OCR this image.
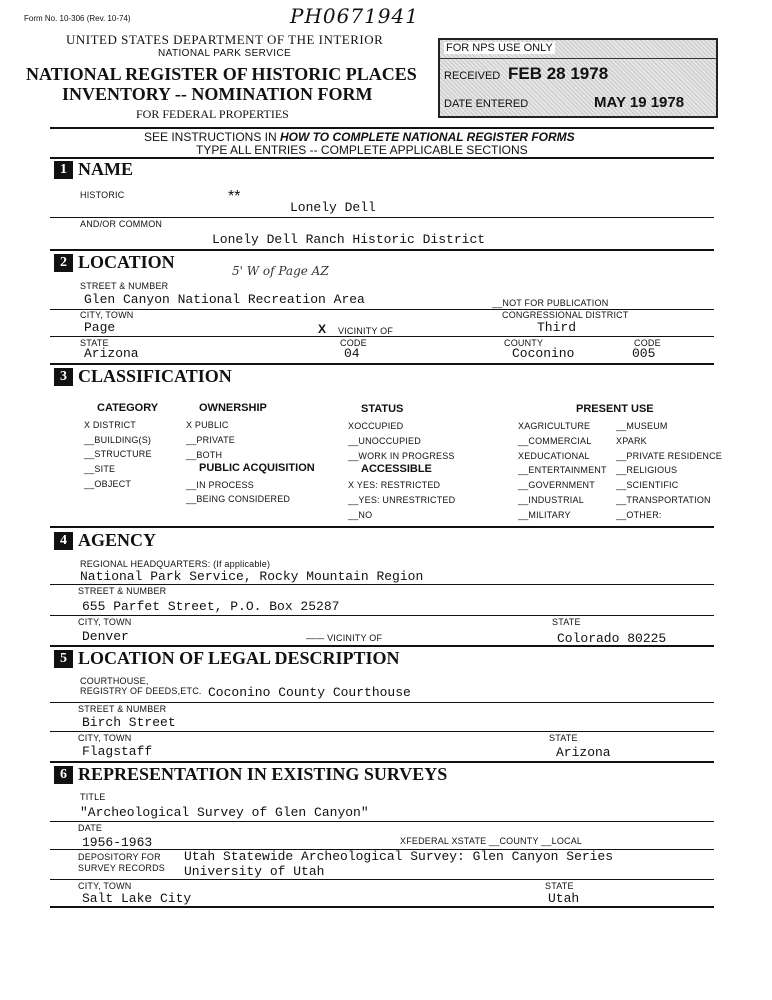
Form No. 10-306 (Rev. 10-74)	PH0671941
UNITED STATES DEPARTMENT OF THE INTERIOR
NATIONAL PARK SERVICE
NATIONAL REGISTER OF HISTORIC PLACES
INVENTORY -- NOMINATION FORM
FOR FEDERAL PROPERTIES
FOR NPS USE ONLY
RECEIVED FEB 28 1978
DATE ENTERED	MAY 19 1978
SEE INSTRUCTIONS IN HOW TO COMPLETE NATIONAL REGISTER FORMS
TYPE ALL ENTRIES -- COMPLETE APPLICABLE SECTIONS
1 NAME
HISTORIC	**
Lonely Dell
AND/OR COMMON
Lonely Dell Ranch Historic District
2 LOCATION	5' W of Page AZ
STREET & NUMBER
Glen Canyon National Recreation Area	__NOT FOR PUBLICATION
CITY, TOWN	CONGRESSIONAL DISTRICT
Page	X VICINITY OF	Third
STATE	CODE	COUNTY	CODE
Arizona	04	Coconino	005
3 CLASSIFICATION
CATEGORY
X DISTRICT
__BUILDING(S)
__STRUCTURE
__SITE
__OBJECT
OWNERSHIP
X PUBLIC
__PRIVATE
__BOTH
PUBLIC ACQUISITION
__IN PROCESS
__BEING CONSIDERED
STATUS
XOCCUPIED
__UNOCCUPIED
__WORK IN PROGRESS
ACCESSIBLE
X YES: RESTRICTED
__YES: UNRESTRICTED
__NO
PRESENT USE
XAGRICULTURE
__COMMERCIAL
XEDUCATIONAL
__ENTERTAINMENT
__GOVERNMENT
__INDUSTRIAL
__MILITARY
__MUSEUM
XPARK
__PRIVATE RESIDENCE
__RELIGIOUS
__SCIENTIFIC
__TRANSPORTATION
__OTHER:
4 AGENCY
REGIONAL HEADQUARTERS: (If applicable)
National Park Service, Rocky Mountain Region
STREET & NUMBER
655 Parfet Street, P.O. Box 25287
CITY, TOWN	STATE
Denver	—— VICINITY OF	Colorado 80225
5 LOCATION OF LEGAL DESCRIPTION
COURTHOUSE,
REGISTRY OF DEEDS,ETC. Coconino County Courthouse
STREET & NUMBER
Birch Street
CITY, TOWN	STATE
Flagstaff	Arizona
6 REPRESENTATION IN EXISTING SURVEYS
TITLE
"Archeological Survey of Glen Canyon"
DATE
1956-1963	XFEDERAL XSTATE __COUNTY __LOCAL
DEPOSITORY FOR
SURVEY RECORDS
Utah Statewide Archeological Survey: Glen Canyon Series
University of Utah
CITY, TOWN	STATE
Salt Lake City	Utah
